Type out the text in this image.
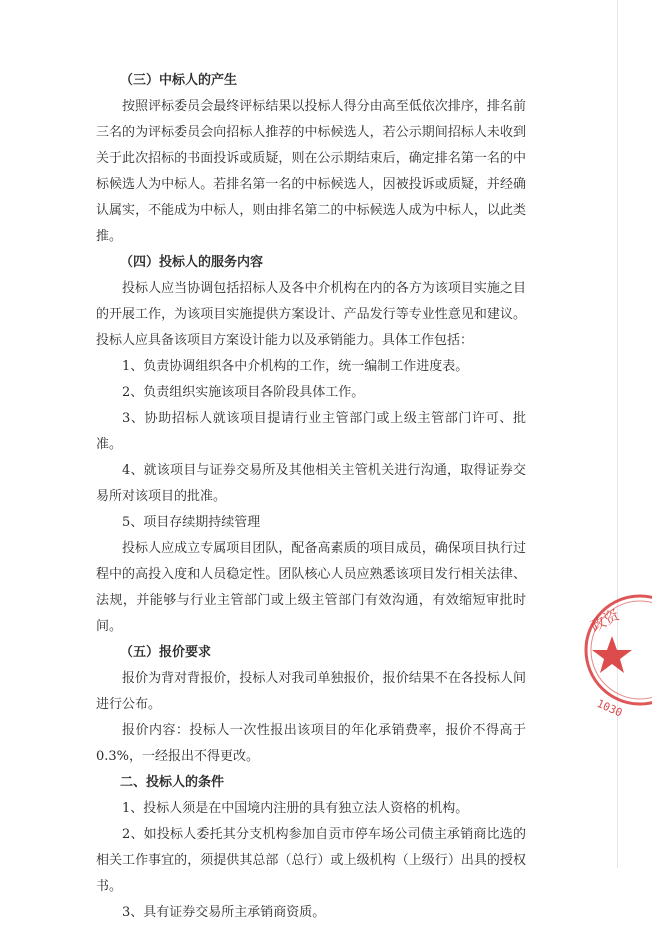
（三）中标人的产生

按照评标委员会最终评标结果以投标人得分由高至低依次排序，排名前三名的为评标委员会向招标人推荐的中标候选人，若公示期间招标人未收到关于此次招标的书面投诉或质疑，则在公示期结束后，确定排名第一名的中标候选人为中标人。若排名第一名的中标候选人，因被投诉或质疑，并经确认属实，不能成为中标人，则由排名第二的中标候选人成为中标人，以此类推。

（四）投标人的服务内容

投标人应当协调包括招标人及各中介机构在内的各方为该项目实施之目的开展工作，为该项目实施提供方案设计、产品发行等专业性意见和建议。投标人应具备该项目方案设计能力以及承销能力。具体工作包括：

1、负责协调组织各中介机构的工作，统一编制工作进度表。

2、负责组织实施该项目各阶段具体工作。

3、协助招标人就该项目提请行业主管部门或上级主管部门许可、批准。

4、就该项目与证券交易所及其他相关主管机关进行沟通，取得证券交易所对该项目的批准。

5、项目存续期持续管理

投标人应成立专属项目团队，配备高素质的项目成员，确保项目执行过程中的高投入度和人员稳定性。团队核心人员应熟悉该项目发行相关法律、法规，并能够与行业主管部门或上级主管部门有效沟通，有效缩短审批时间。

（五）报价要求

报价为背对背报价，投标人对我司单独报价，报价结果不在各投标人间进行公布。

报价内容：投标人一次性报出该项目的年化承销费率，报价不得高于 0.3%，一经报出不得更改。

二、投标人的条件

1、投标人须是在中国境内注册的具有独立法人资格的机构。

2、如投标人委托其分支机构参加自贡市停车场公司债主承销商比选的相关工作事宜的，须提供其总部（总行）或上级机构（上级行）出具的授权书。

3、具有证券交易所主承销商资质。

政资
1030
